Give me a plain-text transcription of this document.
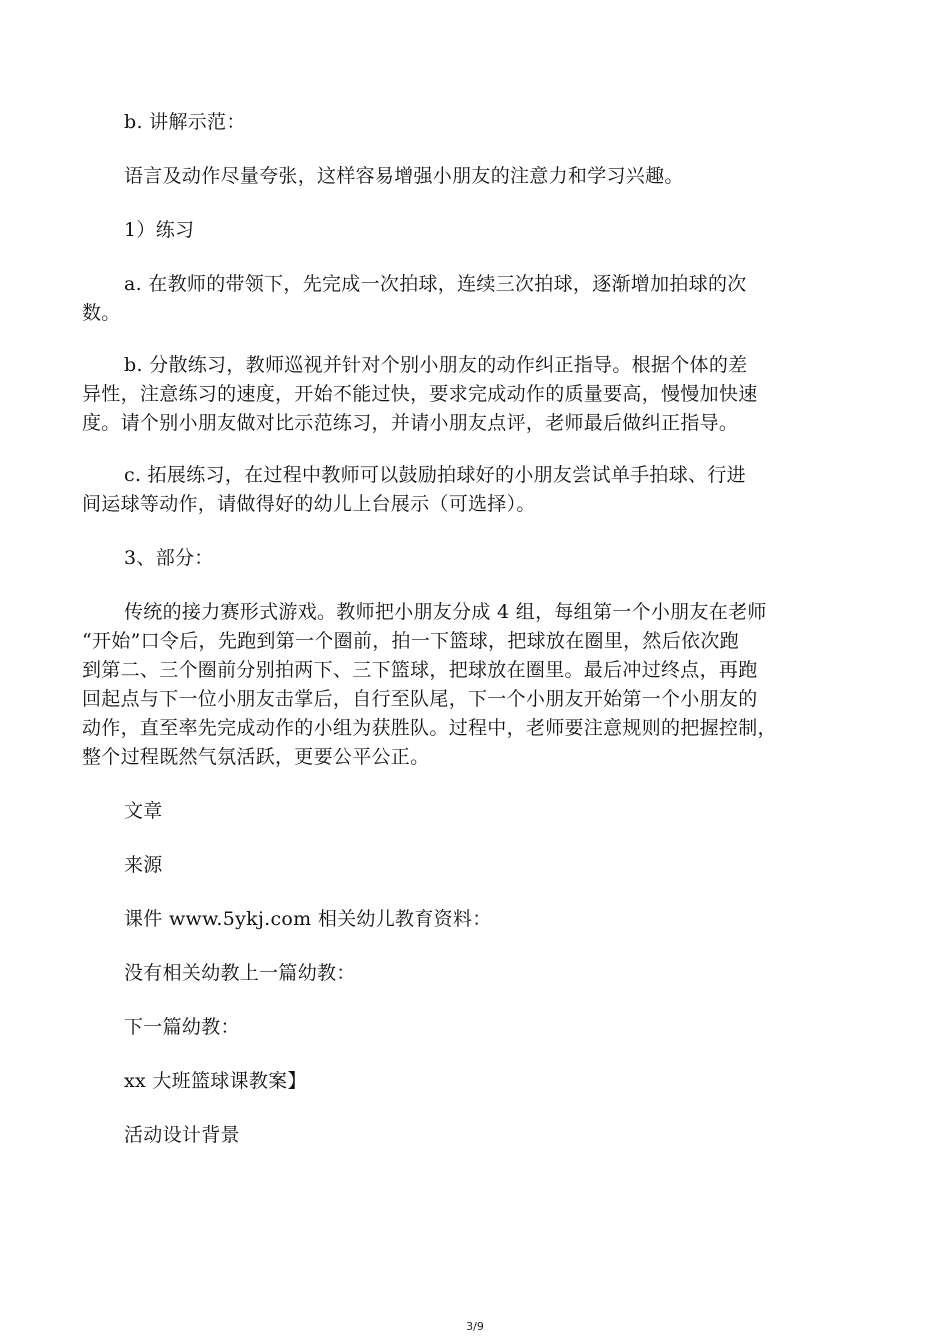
b. 讲解示范：
语言及动作尽量夸张，这样容易增强小朋友的注意力和学习兴趣。
1）练习
a. 在教师的带领下，先完成一次拍球，连续三次拍球，逐渐增加拍球的次
数。
b. 分散练习，教师巡视并针对个别小朋友的动作纠正指导。根据个体的差
异性，注意练习的速度，开始不能过快，要求完成动作的质量要高，慢慢加快速
度。请个别小朋友做对比示范练习，并请小朋友点评，老师最后做纠正指导。
c. 拓展练习，在过程中教师可以鼓励拍球好的小朋友尝试单手拍球、行进
间运球等动作，请做得好的幼儿上台展示（可选择）。
3、部分：
传统的接力赛形式游戏。教师把小朋友分成 4 组，每组第一个小朋友在老师
“开始”口令后，先跑到第一个圈前，拍一下篮球，把球放在圈里，然后依次跑
到第二、三个圈前分别拍两下、三下篮球，把球放在圈里。最后冲过终点，再跑
回起点与下一位小朋友击掌后，自行至队尾，下一个小朋友开始第一个小朋友的
动作，直至率先完成动作的小组为获胜队。过程中，老师要注意规则的把握控制，
整个过程既然气氛活跃，更要公平公正。
文章
来源
课件 www.5ykj.com 相关幼儿教育资料：
没有相关幼教上一篇幼教：
下一篇幼教：
xx 大班篮球课教案】
活动设计背景
3/9
